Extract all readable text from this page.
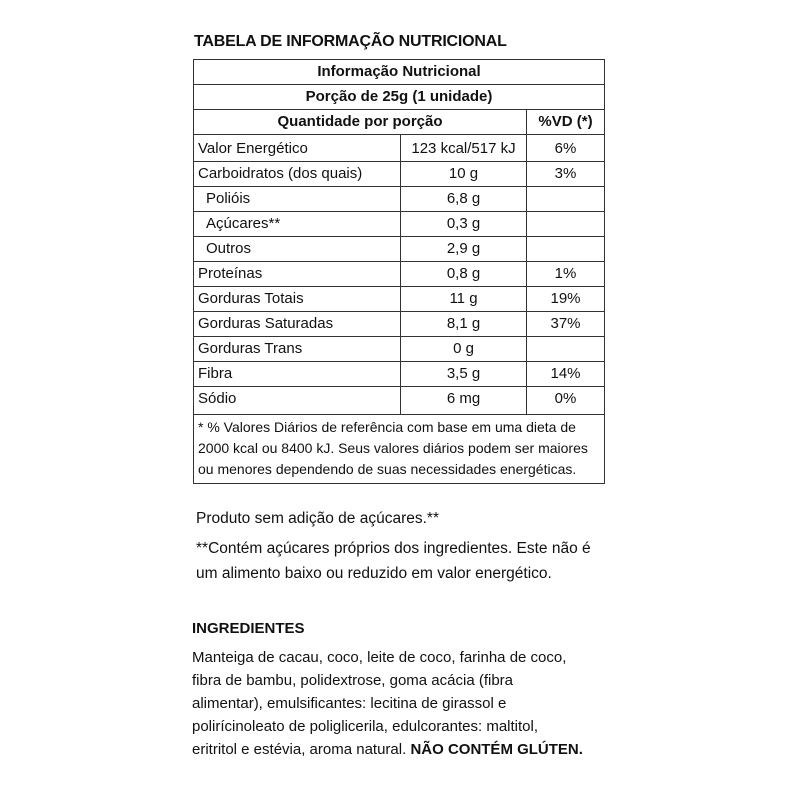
TABELA DE INFORMAÇÃO NUTRICIONAL
Informação Nutricional		
Porção de 25g (1 unidade)		
Quantidade por porção		%VD (*)
Valor Energético	123 kcal/517 kJ	6%
Carboidratos (dos quais)	10 g	3%
Polióis	6,8 g	
Açúcares**	0,3 g	
Outros	2,9 g	
Proteínas	0,8 g	1%
Gorduras Totais	11 g	19%
Gorduras Saturadas	8,1 g	37%
Gorduras Trans	0 g	
Fibra	3,5 g	14%
Sódio	6 mg	0%
* % Valores Diários de referência com base em uma dieta de 2000 kcal ou 8400 kJ. Seus valores diários podem ser maiores ou menores dependendo de suas necessidades energéticas.		

Produto sem adição de açúcares.**

**Contém açúcares próprios dos ingredientes. Este não é um alimento baixo ou reduzido em valor energético.

INGREDIENTES
Manteiga de cacau, coco, leite de coco, farinha de coco, fibra de bambu, polidextrose, goma acácia (fibra alimentar), emulsificantes: lecitina de girassol e polirícinoleato de poliglicerila, edulcorantes: maltitol, eritritol e estévia, aroma natural. NÃO CONTÉM GLÚTEN.
